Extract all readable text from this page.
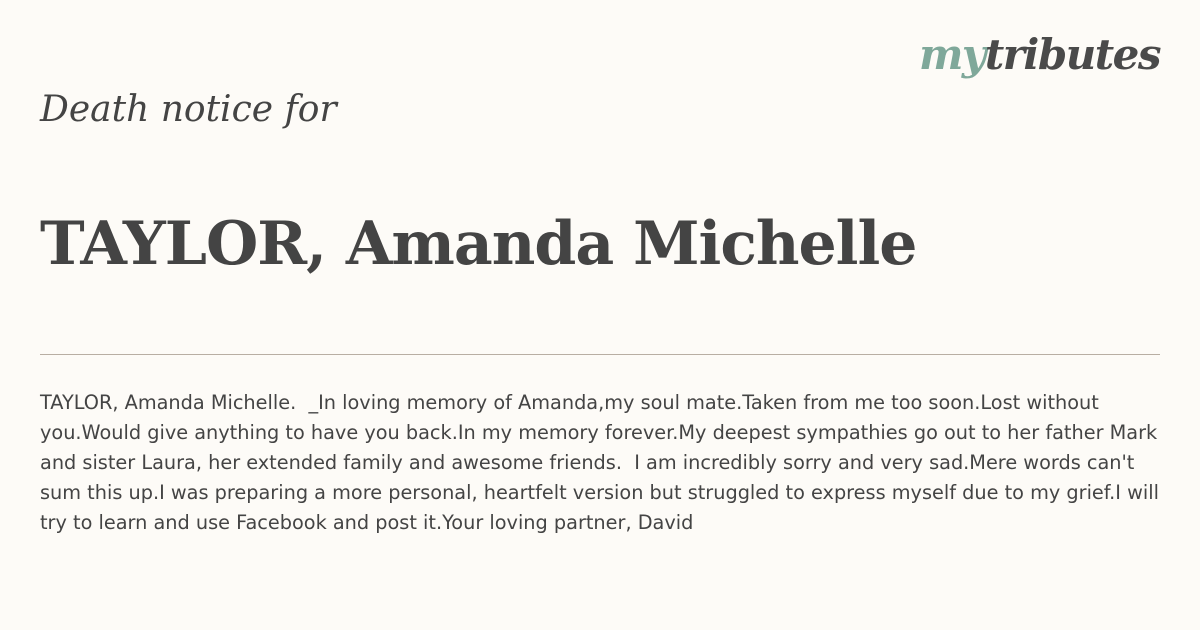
mytributes
Death notice for
TAYLOR, Amanda Michelle

TAYLOR, Amanda Michelle.  _In loving memory of Amanda,my soul mate.Taken from me too soon.Lost without you.Would give anything to have you back.In my memory forever.My deepest sympathies go out to her father Mark and sister Laura, her extended family and awesome friends.  I am incredibly sorry and very sad.Mere words can't sum this up.I was preparing a more personal, heartfelt version but struggled to express myself due to my grief.I will try to learn and use Facebook and post it.Your loving partner, David
